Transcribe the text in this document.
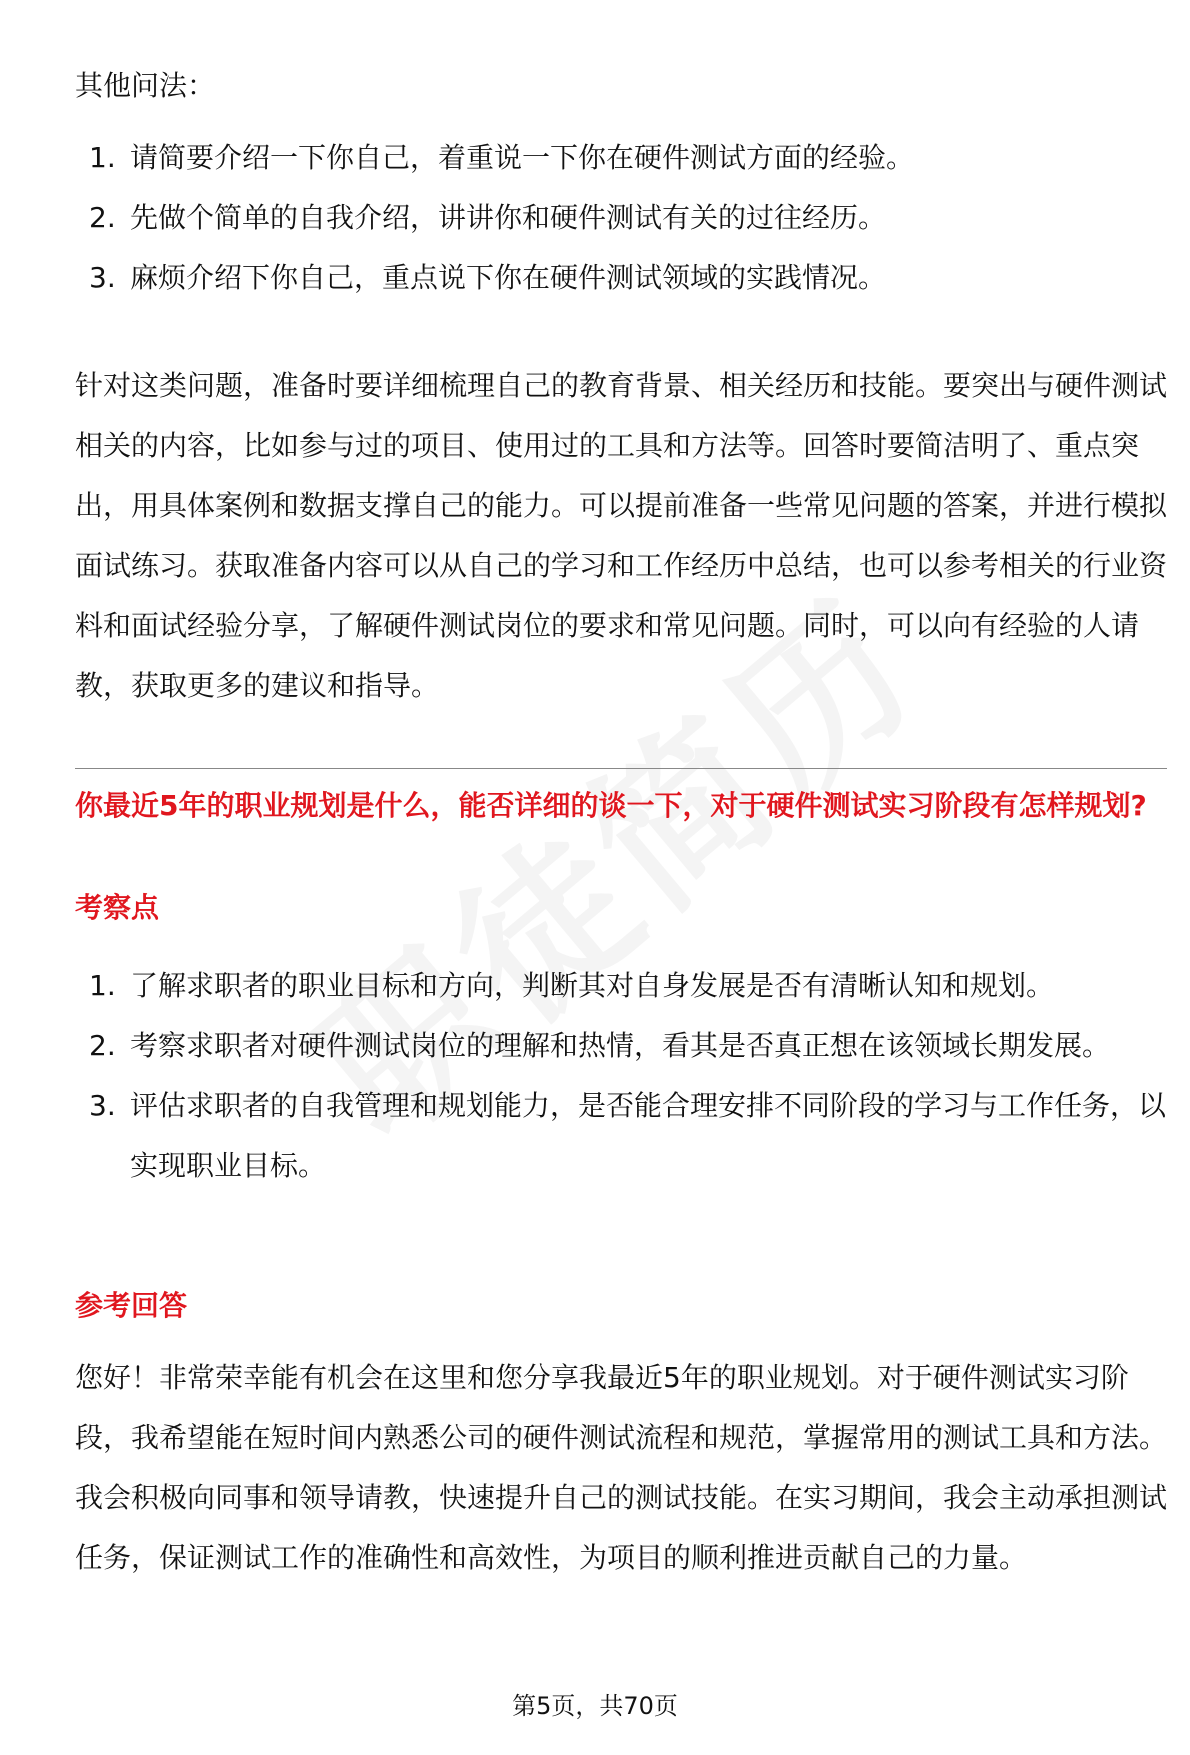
其他问法：

1. 请简要介绍一下你自己，着重说一下你在硬件测试方面的经验。
2. 先做个简单的自我介绍，讲讲你和硬件测试有关的过往经历。
3. 麻烦介绍下你自己，重点说下你在硬件测试领域的实践情况。

针对这类问题，准备时要详细梳理自己的教育背景、相关经历和技能。要突出与硬件测试相关的内容，比如参与过的项目、使用过的工具和方法等。回答时要简洁明了、重点突出，用具体案例和数据支撑自己的能力。可以提前准备一些常见问题的答案，并进行模拟面试练习。获取准备内容可以从自己的学习和工作经历中总结，也可以参考相关的行业资料和面试经验分享，了解硬件测试岗位的要求和常见问题。同时，可以向有经验的人请教，获取更多的建议和指导。

你最近5年的职业规划是什么，能否详细的谈一下，对于硬件测试实习阶段有怎样规划?

考察点

1. 了解求职者的职业目标和方向，判断其对自身发展是否有清晰认知和规划。
2. 考察求职者对硬件测试岗位的理解和热情，看其是否真正想在该领域长期发展。
3. 评估求职者的自我管理和规划能力，是否能合理安排不同阶段的学习与工作任务，以实现职业目标。

参考回答

您好！非常荣幸能有机会在这里和您分享我最近5年的职业规划。对于硬件测试实习阶段，我希望能在短时间内熟悉公司的硬件测试流程和规范，掌握常用的测试工具和方法。我会积极向同事和领导请教，快速提升自己的测试技能。在实习期间，我会主动承担测试任务，保证测试工作的准确性和高效性，为项目的顺利推进贡献自己的力量。

第5页，共70页
